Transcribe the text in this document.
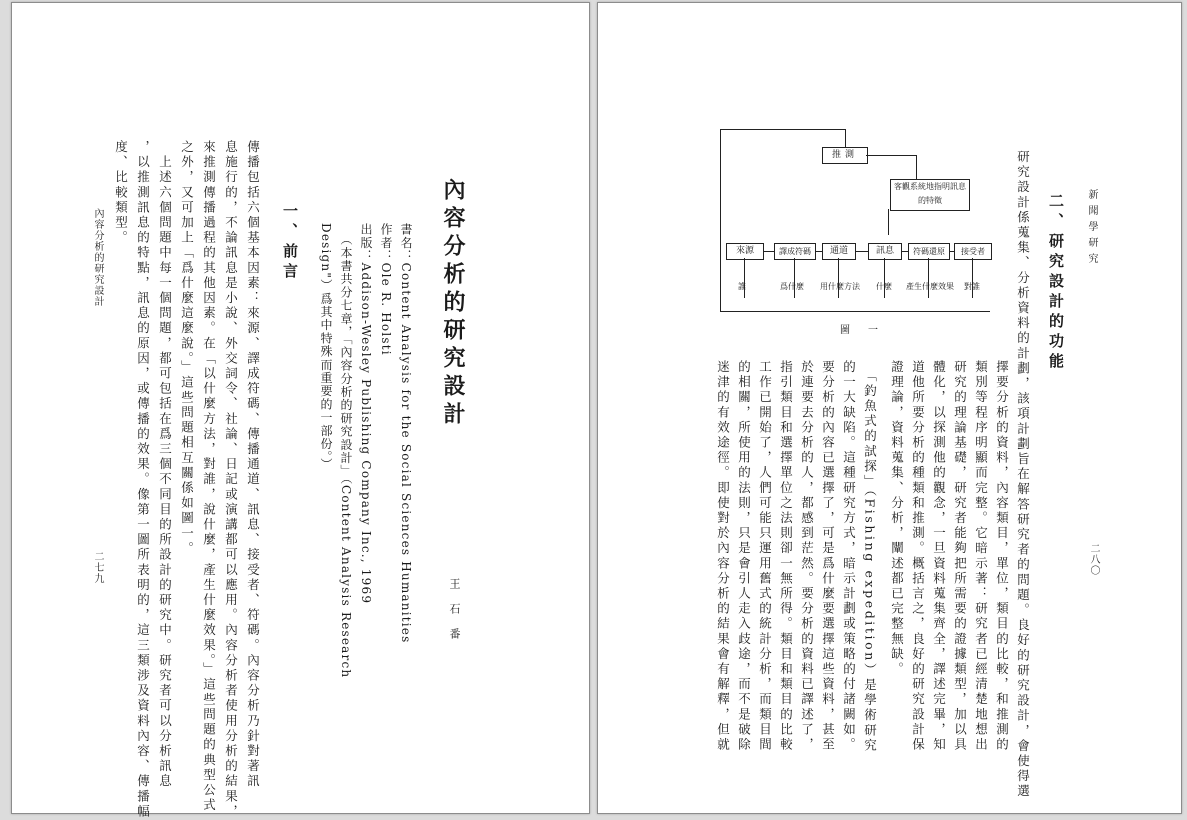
內容分析的研究設計
王石番
書名：Content Analysis for the Social Sciences Humanities
作者：Ole R. Holsti
出版：Addison-Wesley Publishing Company Inc., 1969
（本書共分七章，「內容分析的研究設計」（Content Analysis Research
Design"）爲其中特殊而重要的一部份。）
一、前言
傳播包括六個基本因素：來源、譯成符碼、傳播通道、訊息、接受者、符碼。內容分析乃針對著訊
息施行的，不論訊息是小說、外交詞令、社論、日記或演講都可以應用。內容分析者使用分析的結果，
來推測傳播過程的其他因素。在「以什麼方法，對誰，說什麼，產生什麼效果。」這些問題的典型公式
之外，又可加上「爲什麼這麼說。」這些問題相互關係如圖一。
　上述六個問題中每一個問題，都可包括在爲三個不同目的所設計的研究中。研究者可以分析訊息
，以推測訊息的特點，訊息的原因，或傳播的效果。像第一圖所表明的，這三類涉及資料內容、傳播幅
度、比較類型。
內容分析的研究設計
二七九
新聞學研究
二、研究設計的功能
研究設計係蒐集、分析資料的計劃，該項計劃旨在解答研究者的問題。良好的研究設計，會使得選
擇要分析的資料，內容類目，單位，類目的比較，和推測的
類別等程序明顯而完整。它暗示著：研究者已經清楚地想出
研究的理論基礎，研究者能夠把所需要的證據類型，加以具
體化，以探測他的觀念，一旦資料蒐集齊全，譯述完畢，知
道他所要分析的種類和推測。概括言之，良好的研究設計保
證理論，資料蒐集、分析，闡述都已完整無缺。
　「釣魚式的試探」（Fishing expedition）是學術研究
的一大缺陷。這種研究方式，暗示計劃或策略的付諸闕如。
要分析的內容已選擇了，可是爲什麼要選擇這些資料，甚至
於連要去分析的人，都感到茫然。要分析的資料已譯述了，
指引類目和選擇單位之法則卻一無所得。類目和類目的比較
工作已開始了，人們可能只運用舊式的統計分析，而類目間
的相關，所使用的法則，只是會引人走入歧途，而不是破除
迷津的有效途徑。即使對於內容分析的結果會有解釋，但就	二八〇
推測
客觀系統地指明訊息的特徵
來源	譯成符碼	通道	訊息	符碼還原	接受者
誰	爲什麼 用什麼方法 什麼 產生什麼效果 對誰
圖一
